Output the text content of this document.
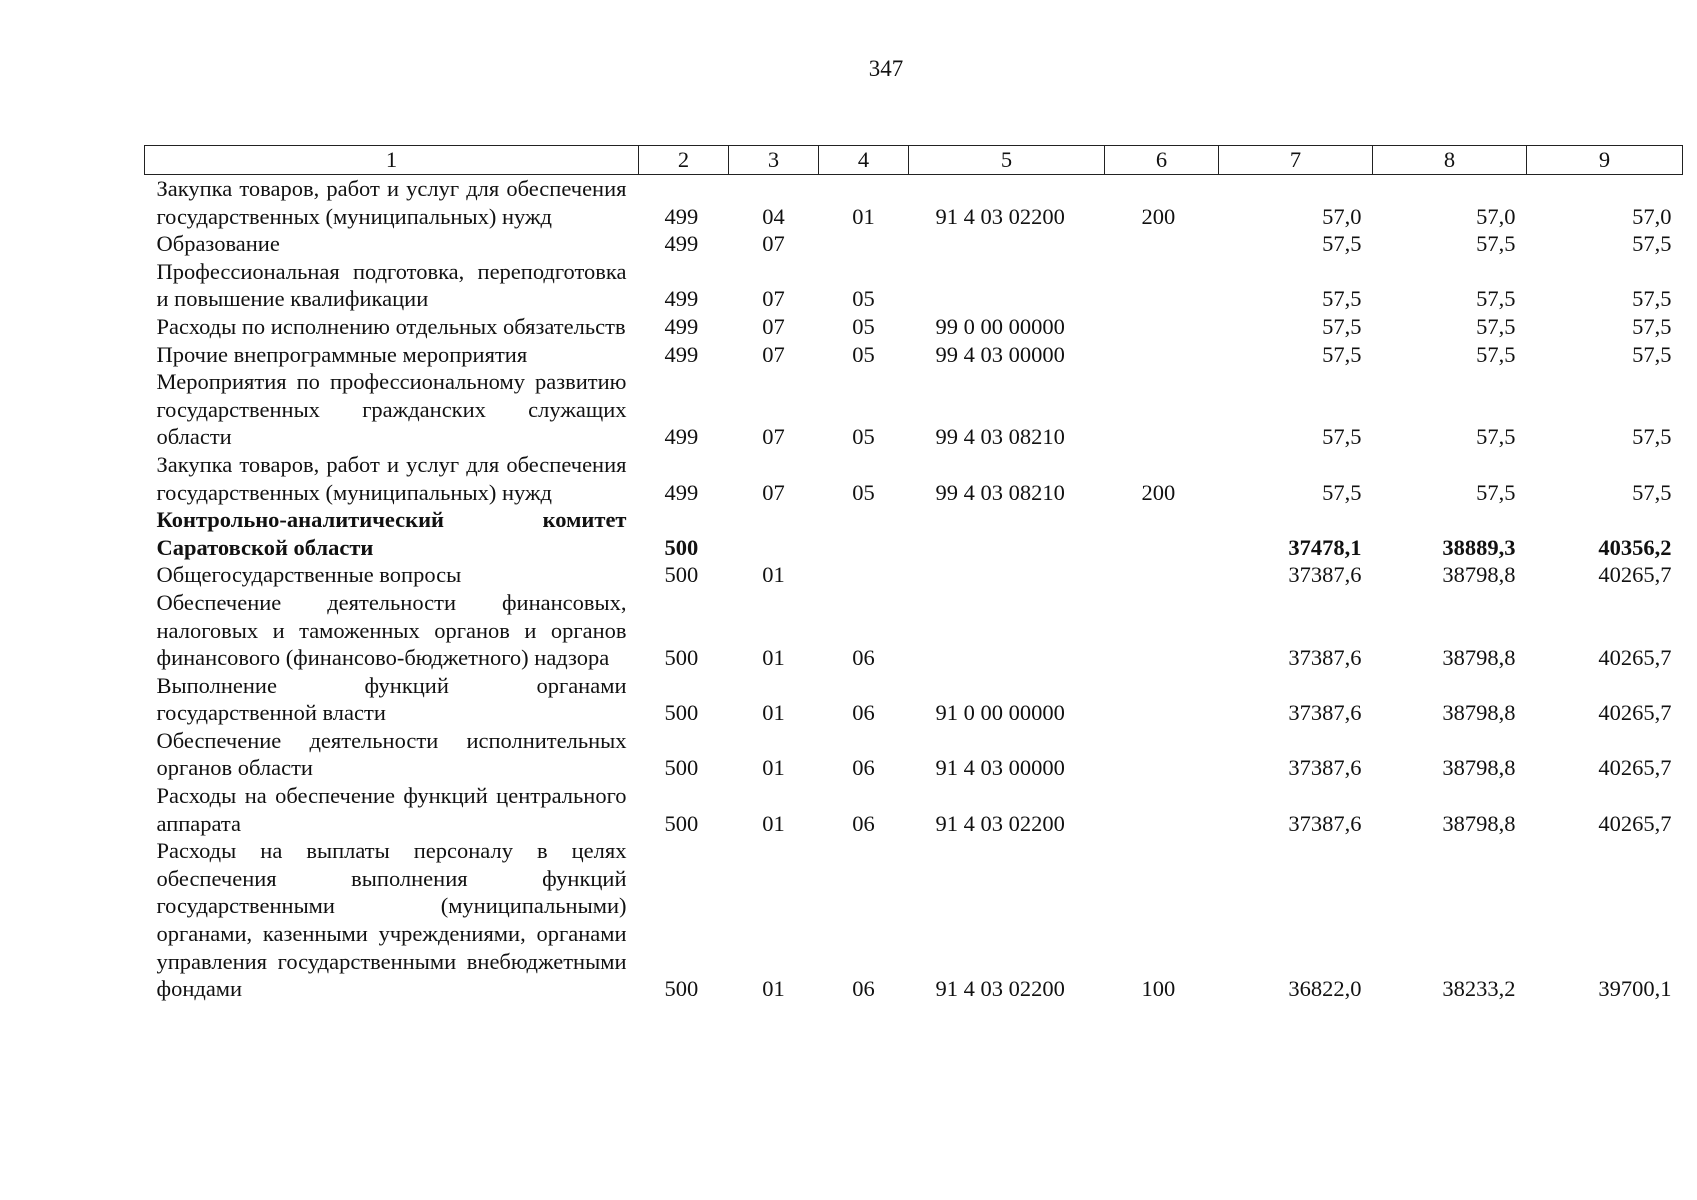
347
1	2	3	4	5	6	7	8	9
Закупка товаров, работ и услуг для обеспечения государственных (муниципальных) нужд	499	04	01	91 4 03 02200	200	57,0	57,0	57,0
Образование	499	07				57,5	57,5	57,5
Профессиональная подготовка, переподготовка и повышение квалификации	499	07	05			57,5	57,5	57,5
Расходы по исполнению отдельных обязательств	499	07	05	99 0 00 00000		57,5	57,5	57,5
Прочие внепрограммные мероприятия	499	07	05	99 4 03 00000		57,5	57,5	57,5
Мероприятия по профессиональному развитию государственных гражданских служащих области	499	07	05	99 4 03 08210		57,5	57,5	57,5
Закупка товаров, работ и услуг для обеспечения государственных (муниципальных) нужд	499	07	05	99 4 03 08210	200	57,5	57,5	57,5
Контрольно-аналитический комитет Саратовской области	500					37478,1	38889,3	40356,2
Общегосударственные вопросы	500	01				37387,6	38798,8	40265,7
Обеспечение деятельности финансовых, налоговых и таможенных органов и органов финансового (финансово-бюджетного) надзора	500	01	06			37387,6	38798,8	40265,7
Выполнение функций органами государственной власти	500	01	06	91 0 00 00000		37387,6	38798,8	40265,7
Обеспечение деятельности исполнительных органов области	500	01	06	91 4 03 00000		37387,6	38798,8	40265,7
Расходы на обеспечение функций центрального аппарата	500	01	06	91 4 03 02200		37387,6	38798,8	40265,7
Расходы на выплаты персоналу в целях обеспечения выполнения функций государственными (муниципальными) органами, казенными учреждениями, органами управления государственными внебюджетными фондами	500	01	06	91 4 03 02200	100	36822,0	38233,2	39700,1
